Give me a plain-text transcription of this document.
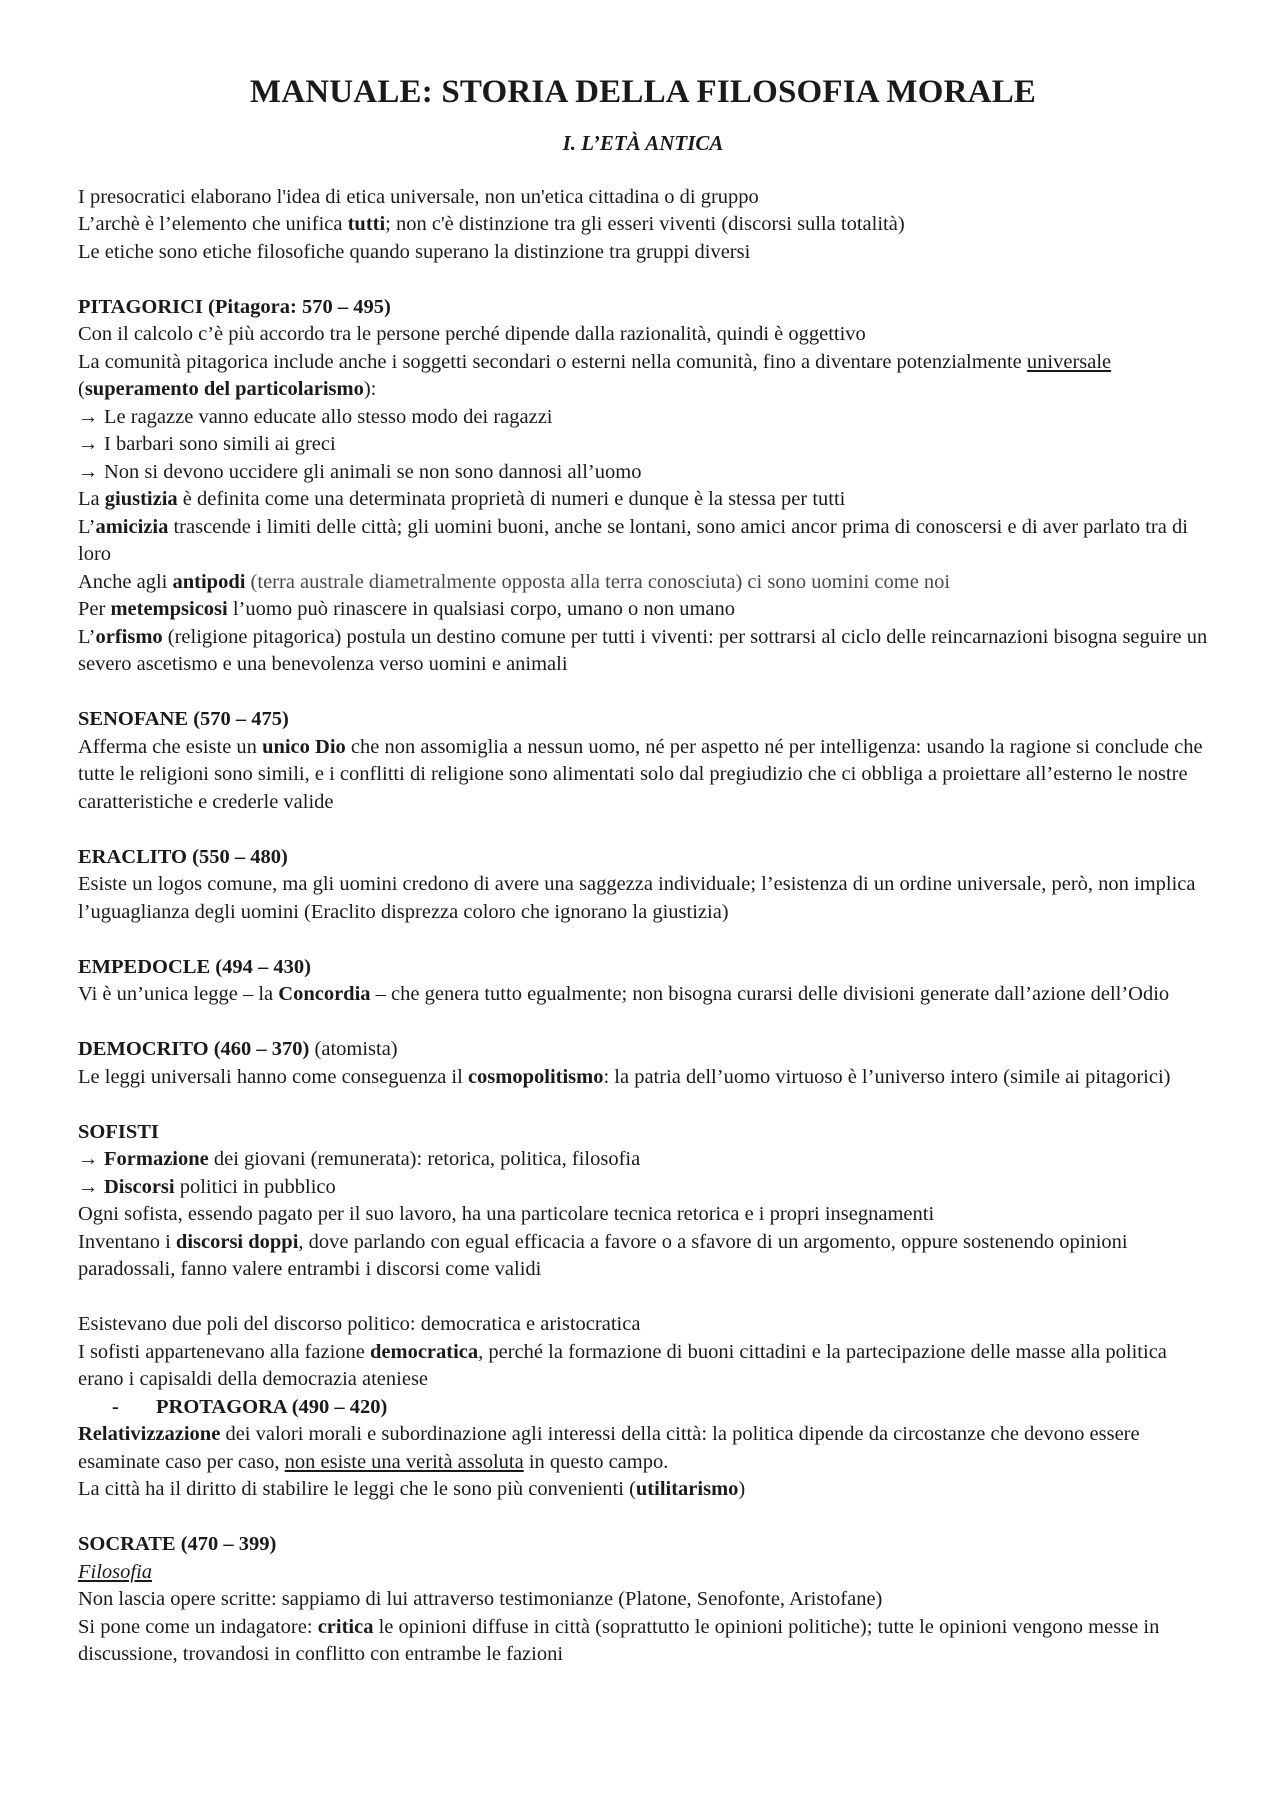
MANUALE: STORIA DELLA FILOSOFIA MORALE
I. L’ETÀ ANTICA

I presocratici elaborano l'idea di etica universale, non un'etica cittadina o di gruppo

L’archè è l’elemento che unifica tutti; non c'è distinzione tra gli esseri viventi (discorsi sulla totalità)

Le etiche sono etiche filosofiche quando superano la distinzione tra gruppi diversi

PITAGORICI (Pitagora: 570 – 495)

Con il calcolo c’è più accordo tra le persone perché dipende dalla razionalità, quindi è oggettivo

La comunità pitagorica include anche i soggetti secondari o esterni nella comunità, fino a diventare potenzialmente universale (superamento del particolarismo):

→ Le ragazze vanno educate allo stesso modo dei ragazzi

→ I barbari sono simili ai greci

→ Non si devono uccidere gli animali se non sono dannosi all’uomo

La giustizia è definita come una determinata proprietà di numeri e dunque è la stessa per tutti

L’amicizia trascende i limiti delle città; gli uomini buoni, anche se lontani, sono amici ancor prima di conoscersi e di aver parlato tra di loro

Anche agli antipodi (terra australe diametralmente opposta alla terra conosciuta) ci sono uomini come noi

Per metempsicosi l’uomo può rinascere in qualsiasi corpo, umano o non umano

L’orfismo (religione pitagorica) postula un destino comune per tutti i viventi: per sottrarsi al ciclo delle reincarnazioni bisogna seguire un severo ascetismo e una benevolenza verso uomini e animali

SENOFANE (570 – 475)

Afferma che esiste un unico Dio che non assomiglia a nessun uomo, né per aspetto né per intelligenza: usando la ragione si conclude che tutte le religioni sono simili, e i conflitti di religione sono alimentati solo dal pregiudizio che ci obbliga a proiettare all’esterno le nostre caratteristiche e crederle valide

ERACLITO (550 – 480)

Esiste un logos comune, ma gli uomini credono di avere una saggezza individuale; l’esistenza di un ordine universale, però, non implica l’uguaglianza degli uomini (Eraclito disprezza coloro che ignorano la giustizia)

EMPEDOCLE (494 – 430)

Vi è un’unica legge – la Concordia – che genera tutto egualmente; non bisogna curarsi delle divisioni generate dall’azione dell’Odio

DEMOCRITO (460 – 370) (atomista)

Le leggi universali hanno come conseguenza il cosmopolitismo: la patria dell’uomo virtuoso è l’universo intero (simile ai pitagorici)

SOFISTI

→ Formazione dei giovani (remunerata): retorica, politica, filosofia

→ Discorsi politici in pubblico

Ogni sofista, essendo pagato per il suo lavoro, ha una particolare tecnica retorica e i propri insegnamenti

Inventano i discorsi doppi, dove parlando con egual efficacia a favore o a sfavore di un argomento, oppure sostenendo opinioni paradossali, fanno valere entrambi i discorsi come validi

Esistevano due poli del discorso politico: democratica e aristocratica

I sofisti appartenevano alla fazione democratica, perché la formazione di buoni cittadini e la partecipazione delle masse alla politica erano i capisaldi della democrazia ateniese

- PROTAGORA (490 – 420)

Relativizzazione dei valori morali e subordinazione agli interessi della città: la politica dipende da circostanze che devono essere esaminate caso per caso, non esiste una verità assoluta in questo campo.

La città ha il diritto di stabilire le leggi che le sono più convenienti (utilitarismo)

SOCRATE (470 – 399)

Filosofia

Non lascia opere scritte: sappiamo di lui attraverso testimonianze (Platone, Senofonte, Aristofane)

Si pone come un indagatore: critica le opinioni diffuse in città (soprattutto le opinioni politiche); tutte le opinioni vengono messe in discussione, trovandosi in conflitto con entrambe le fazioni
